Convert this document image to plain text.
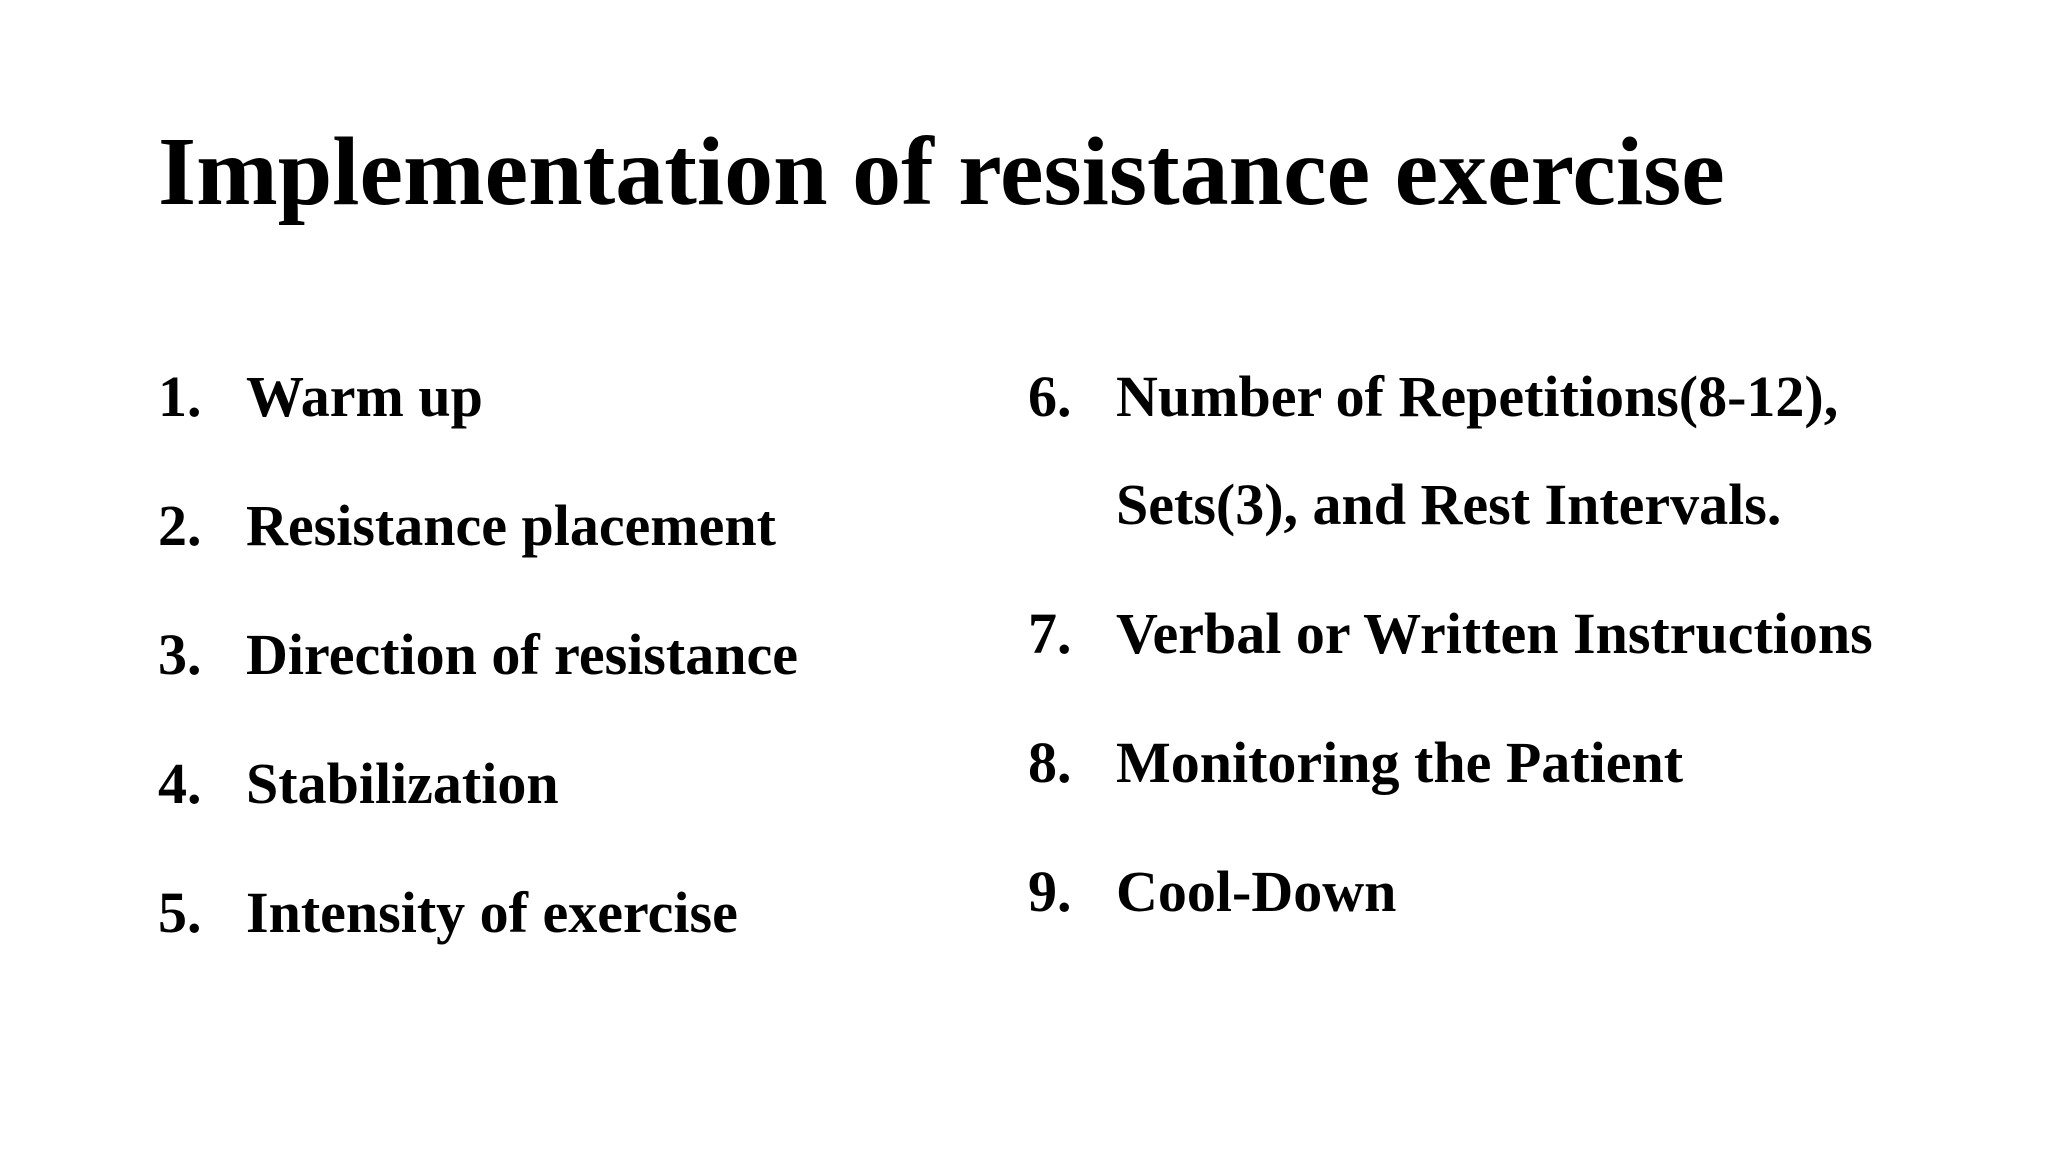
Implementation of resistance exercise
1. Warm up
2. Resistance placement
3. Direction of resistance
4. Stabilization
5. Intensity of exercise
6. Number of Repetitions(8-12), Sets(3), and Rest Intervals.
7. Verbal or Written Instructions
8. Monitoring the Patient
9. Cool-Down
